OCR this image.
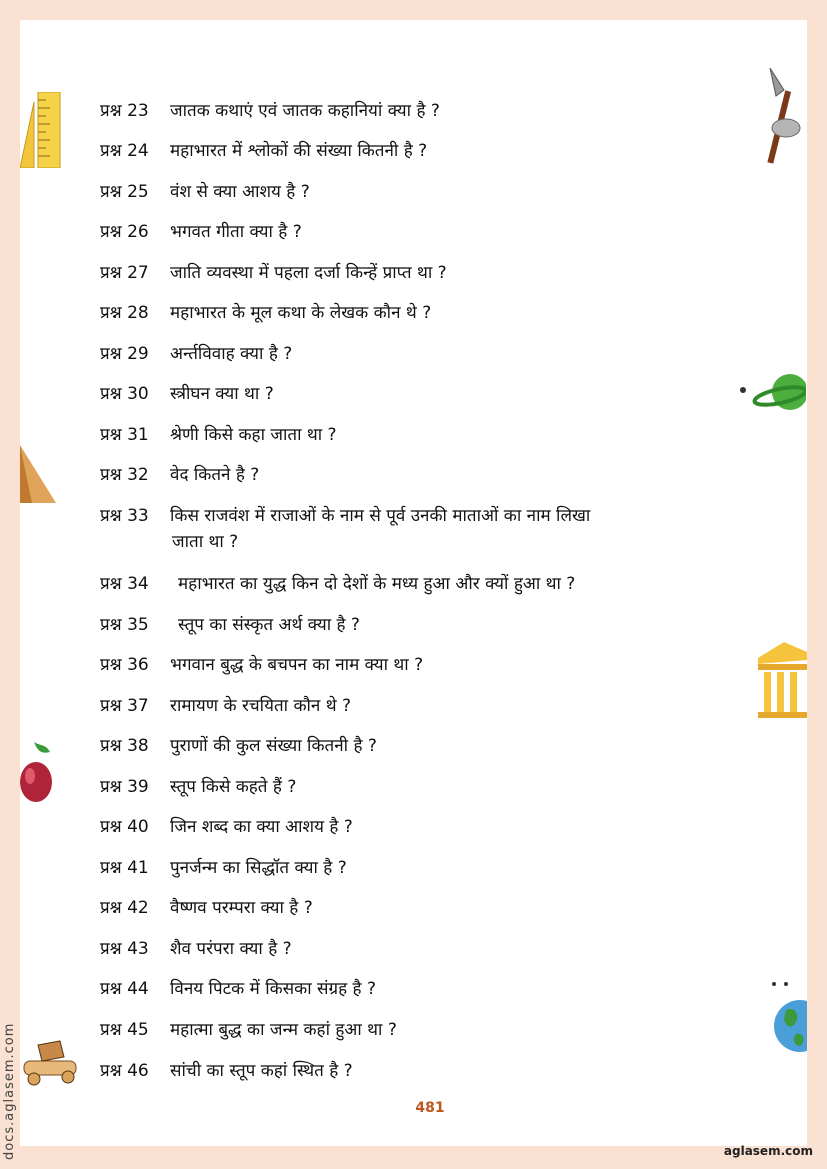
प्रश्न 23 जातक कथाएं एवं जातक कहानियां क्या है ?
प्रश्न 24 महाभारत में श्लोकों की संख्या कितनी है ?
प्रश्न 25 वंश से क्या आशय है ?
प्रश्न 26 भगवत गीता क्या है ?
प्रश्न 27 जाति व्यवस्था में पहला दर्जा किन्हें प्राप्त था ?
प्रश्न 28 महाभारत के मूल कथा के लेखक कौन थे ?
प्रश्न 29 अर्न्तविवाह क्या है ?
प्रश्न 30 स्त्रीघन क्या था ?
प्रश्न 31 श्रेणी किसे कहा जाता था ?
प्रश्न 32 वेद कितने है ?
प्रश्न 33 किस राजवंश में राजाओं के नाम से पूर्व उनकी माताओं का नाम लिखा
जाता था ?
प्रश्न 34 महाभारत का युद्ध किन दो देशों के मध्य हुआ और क्यों हुआ था ?
प्रश्न 35 स्तूप का संस्कृत अर्थ क्या है ?
प्रश्न 36 भगवान बुद्ध के बचपन का नाम क्या था ?
प्रश्न 37 रामायण के रचयिता कौन थे ?
प्रश्न 38 पुराणों की कुल संख्या कितनी है ?
प्रश्न 39 स्तूप किसे कहते हैं ?
प्रश्न 40 जिन शब्द का क्या आशय है ?
प्रश्न 41 पुनर्जन्म का सिद्धॉत क्या है ?
प्रश्न 42 वैष्णव परम्परा क्या है ?
प्रश्न 43 शैव परंपरा क्या है ?
प्रश्न 44 विनय पिटक में किसका संग्रह है ?
प्रश्न 45 महात्मा बुद्ध का जन्म कहां हुआ था ?
प्रश्न 46 सांची का स्तूप कहां स्थित है ?
481
docs.aglasem.com	aglasem.com
